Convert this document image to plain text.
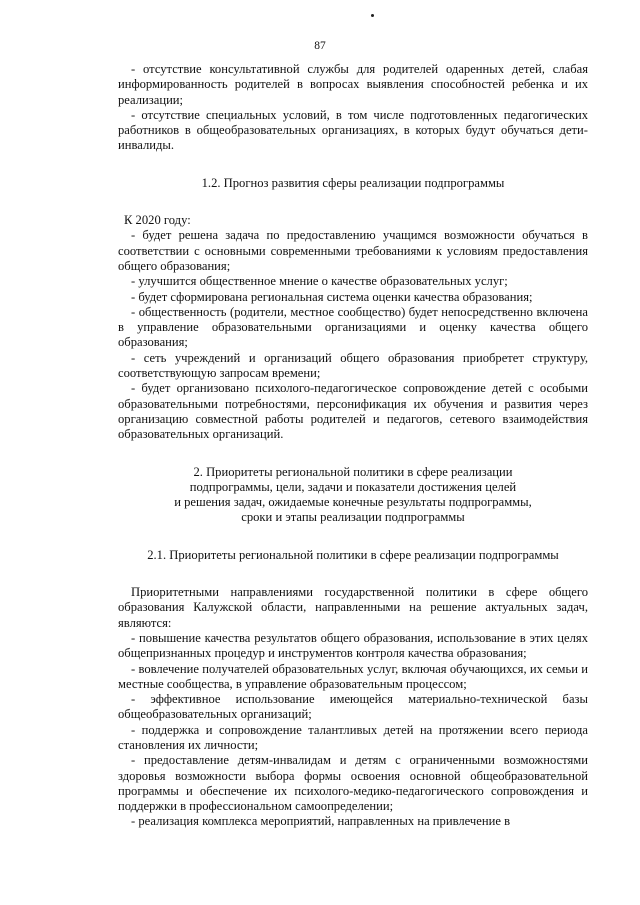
87

- отсутствие консультативной службы для родителей одаренных детей, слабая информированность родителей в вопросах выявления способностей ребенка и их реализации;

- отсутствие специальных условий, в том числе подготовленных педагогических работников в общеобразовательных организациях, в которых будут обучаться дети-инвалиды.

1.2. Прогноз развития сферы реализации подпрограммы

К 2020 году:

- будет решена задача по предоставлению учащимся возможности обучаться в соответствии с основными современными требованиями к условиям предоставления общего образования;

- улучшится общественное мнение о качестве образовательных услуг;

- будет сформирована региональная система оценки качества образования;

- общественность (родители, местное сообщество) будет непосредственно включена в управление образовательными организациями и оценку качества общего образования;

- сеть учреждений и организаций общего образования приобретет структуру, соответствующую запросам времени;

- будет организовано психолого-педагогическое сопровождение детей с особыми образовательными потребностями, персонификация их обучения и развития через организацию совместной работы родителей и педагогов, сетевого взаимодействия образовательных организаций.

2. Приоритеты региональной политики в сфере реализации

подпрограммы, цели, задачи и показатели достижения целей

и решения задач, ожидаемые конечные результаты подпрограммы,

сроки и этапы реализации подпрограммы

2.1. Приоритеты региональной политики в сфере реализации подпрограммы

Приоритетными направлениями государственной политики в сфере общего образования Калужской области, направленными на решение актуальных задач, являются:

- повышение качества результатов общего образования, использование в этих целях общепризнанных процедур и инструментов контроля качества образования;

- вовлечение получателей образовательных услуг, включая обучающихся, их семьи и местные сообщества, в управление образовательным процессом;

- эффективное использование имеющейся материально-технической базы общеобразовательных организаций;

- поддержка и сопровождение талантливых детей на протяжении всего периода становления их личности;

- предоставление детям-инвалидам и детям с ограниченными возможностями здоровья возможности выбора формы освоения основной общеобразовательной программы и обеспечение их психолого-медико-педагогического сопровождения и поддержки в профессиональном самоопределении;

- реализация комплекса мероприятий, направленных на привлечение в
